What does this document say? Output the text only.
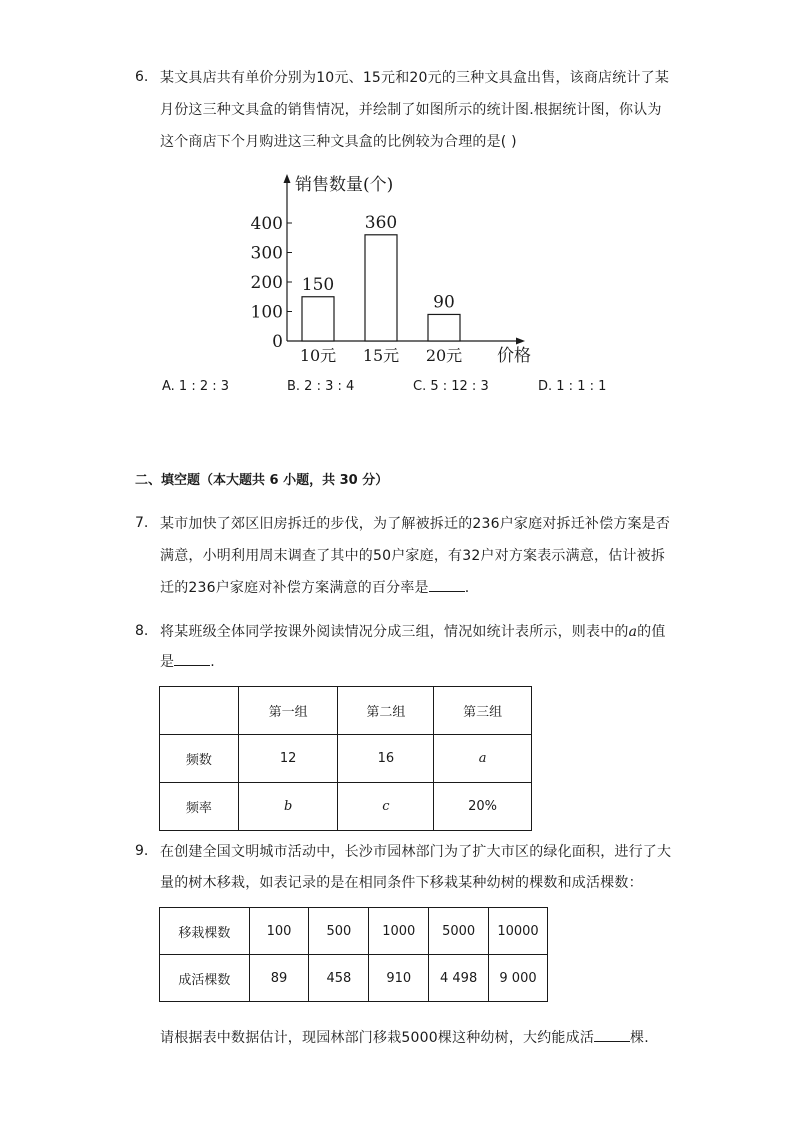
6. 某文具店共有单价分别为10元、15元和20元的三种文具盒出售，该商店统计了某
月份这三种文具盒的销售情况，并绘制了如图所示的统计图.根据统计图，你认为
这个商店下个月购进这三种文具盒的比例较为合理的是( )
0
100
200
300
400
销售数量(个)
150
10元
360
15元
90
20元 价格
A. 1 : 2 : 3	B. 2 : 3 : 4	C. 5 : 12 : 3	D. 1 : 1 : 1
二、填空题（本大题共 6 小题，共 30 分）
7. 某市加快了郊区旧房拆迁的步伐，为了解被拆迁的236户家庭对拆迁补偿方案是否
满意，小明利用周末调查了其中的50户家庭，有32户对方案表示满意，估计被拆
迁的236户家庭对补偿方案满意的百分率是	.
8. 将某班级全体同学按课外阅读情况分成三组，情况如统计表所示，则表中的a的值
是	.
	第一组	第二组	第三组
频数	12	16	a
频率	b	c	20%
9. 在创建全国文明城市活动中，长沙市园林部门为了扩大市区的绿化面积，进行了大
量的树木移栽，如表记录的是在相同条件下移栽某种幼树的棵数和成活棵数：
移栽棵数	100	500	1000	5000	10000
成活棵数	89	458	910	4 498	9 000
请根据表中数据估计，现园林部门移栽5000棵这种幼树，大约能成活	棵.
